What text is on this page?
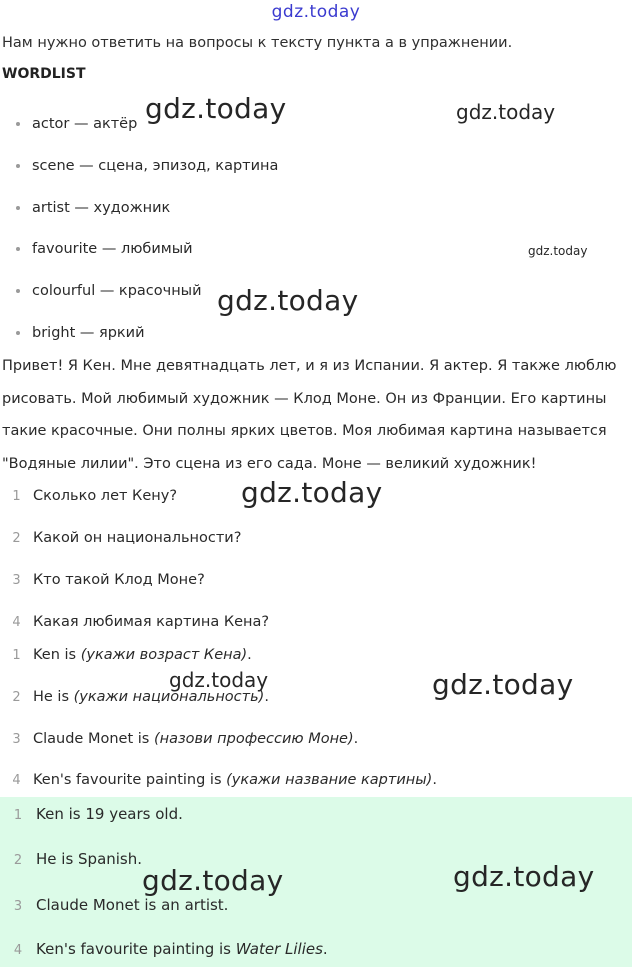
gdz.today
Нам нужно ответить на вопросы к тексту пункта а в упражнении.
WORDLIST
actor — актёр
scene — сцена, эпизод, картина
artist — художник
favourite — любимый
colourful — красочный
bright — яркий
Привет! Я Кен. Мне девятнадцать лет, и я из Испании. Я актер. Я также люблю
рисовать. Мой любимый художник — Клод Моне. Он из Франции. Его картины
такие красочные. Они полны ярких цветов. Моя любимая картина называется
"Водяные лилии". Это сцена из его сада. Моне — великий художник!
1 Сколько лет Кену?
2 Какой он национальности?
3 Кто такой Клод Моне?
4 Какая любимая картина Кена?
1 Ken is (укажи возраст Кена).
2 He is (укажи национальность).
3 Claude Monet is (назови профессию Моне).
4 Ken's favourite painting is (укажи название картины).
1 Ken is 19 years old.
2 He is Spanish.
3 Claude Monet is an artist.
4 Ken's favourite painting is Water Lilies.
gdz.today	gdz.today
gdz.today
gdz.today
gdz.today
gdz.today	gdz.today
gdz.today	gdz.today
